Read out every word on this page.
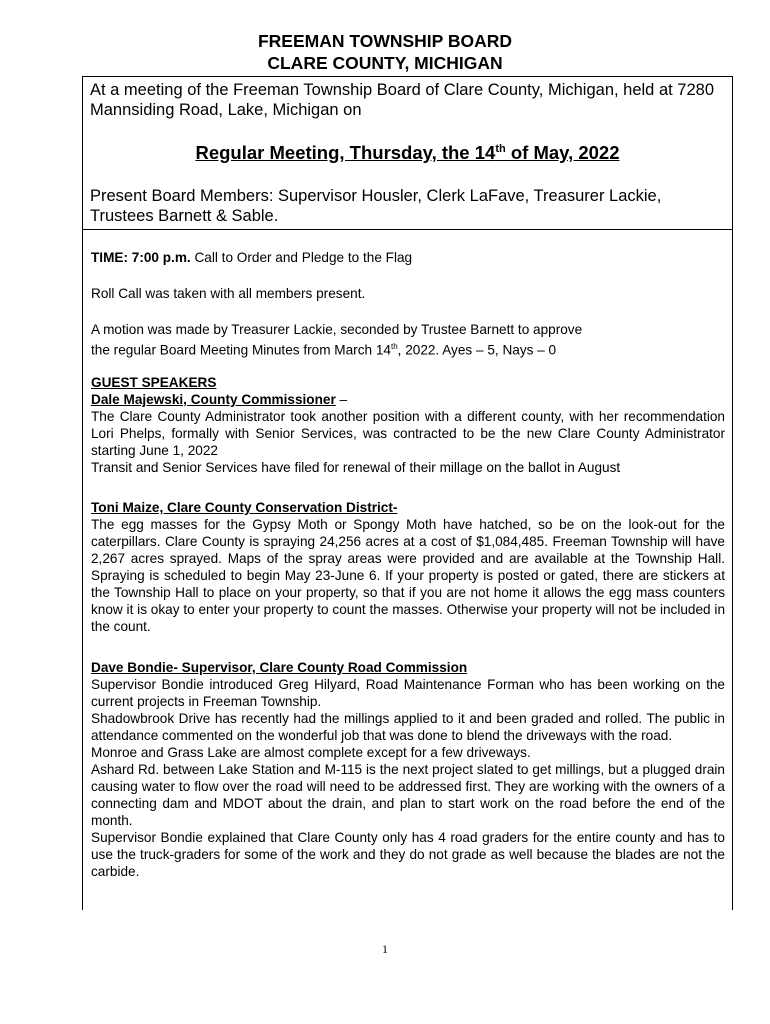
FREEMAN TOWNSHIP BOARD
CLARE COUNTY, MICHIGAN
At a meeting of the Freeman Township Board of Clare County, Michigan, held at 7280 Mannsiding Road, Lake, Michigan on
Regular Meeting, Thursday, the 14th of May, 2022
Present Board Members: Supervisor Housler, Clerk LaFave, Treasurer Lackie, Trustees Barnett & Sable.
TIME: 7:00 p.m. Call to Order and Pledge to the Flag
Roll Call was taken with all members present.
A motion was made by Treasurer Lackie, seconded by Trustee Barnett to approve
the regular Board Meeting Minutes from March 14th, 2022. Ayes – 5, Nays – 0
GUEST SPEAKERS
Dale Majewski, County Commissioner –
The Clare County Administrator took another position with a different county, with her recommendation Lori Phelps, formally with Senior Services, was contracted to be the new Clare County Administrator starting June 1, 2022
Transit and Senior Services have filed for renewal of their millage on the ballot in August
Toni Maize, Clare County Conservation District-
The egg masses for the Gypsy Moth or Spongy Moth have hatched, so be on the look-out for the caterpillars. Clare County is spraying 24,256 acres at a cost of $1,084,485. Freeman Township will have 2,267 acres sprayed. Maps of the spray areas were provided and are available at the Township Hall. Spraying is scheduled to begin May 23-June 6. If your property is posted or gated, there are stickers at the Township Hall to place on your property, so that if you are not home it allows the egg mass counters know it is okay to enter your property to count the masses. Otherwise your property will not be included in the count.
Dave Bondie- Supervisor, Clare County Road Commission
Supervisor Bondie introduced Greg Hilyard, Road Maintenance Forman who has been working on the current projects in Freeman Township.
Shadowbrook Drive has recently had the millings applied to it and been graded and rolled. The public in attendance commented on the wonderful job that was done to blend the driveways with the road.
Monroe and Grass Lake are almost complete except for a few driveways.
Ashard Rd. between Lake Station and M-115 is the next project slated to get millings, but a plugged drain causing water to flow over the road will need to be addressed first. They are working with the owners of a connecting dam and MDOT about the drain, and plan to start work on the road before the end of the month.
Supervisor Bondie explained that Clare County only has 4 road graders for the entire county and has to use the truck-graders for some of the work and they do not grade as well because the blades are not the carbide.
1
